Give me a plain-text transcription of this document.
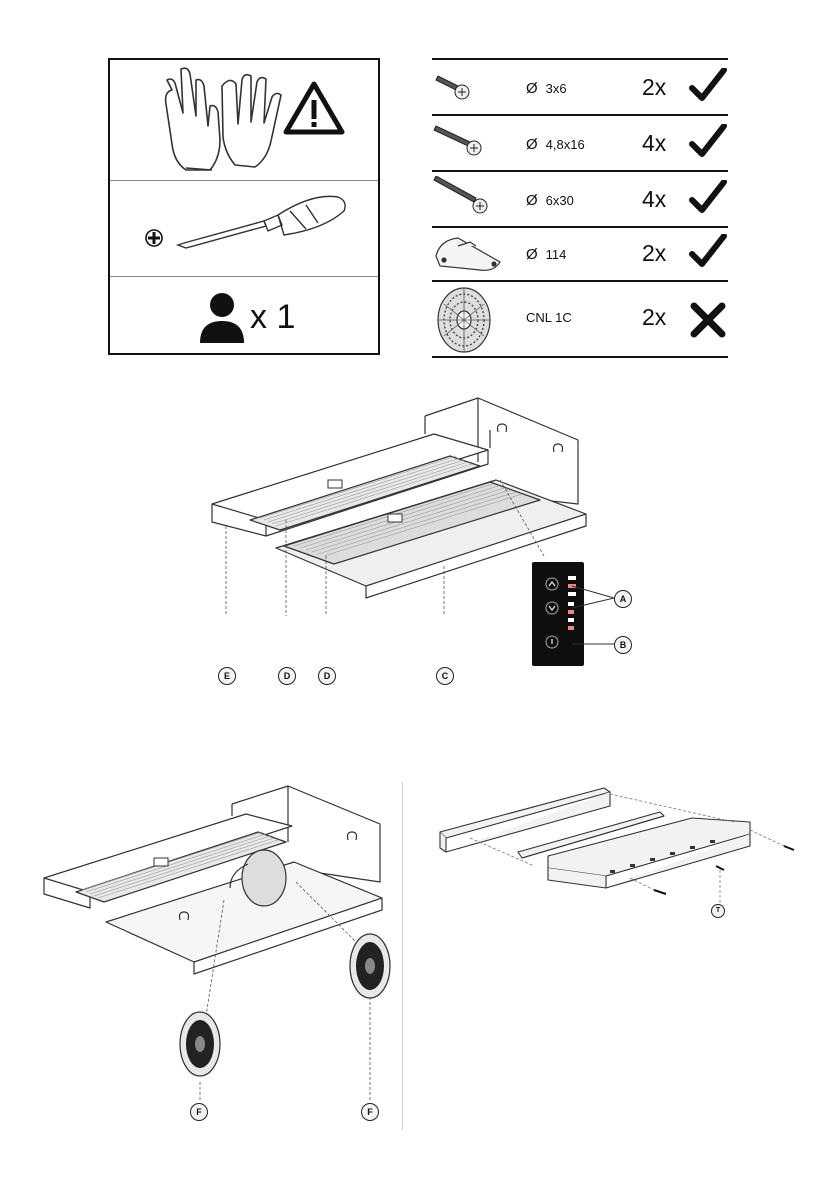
x 1
Ø 3x6	2x
Ø 4,8x16 4x
Ø 6x30	4x
Ø 114	2x
CNL 1C	2x
E	D	D	C
A
B
F	F
T
